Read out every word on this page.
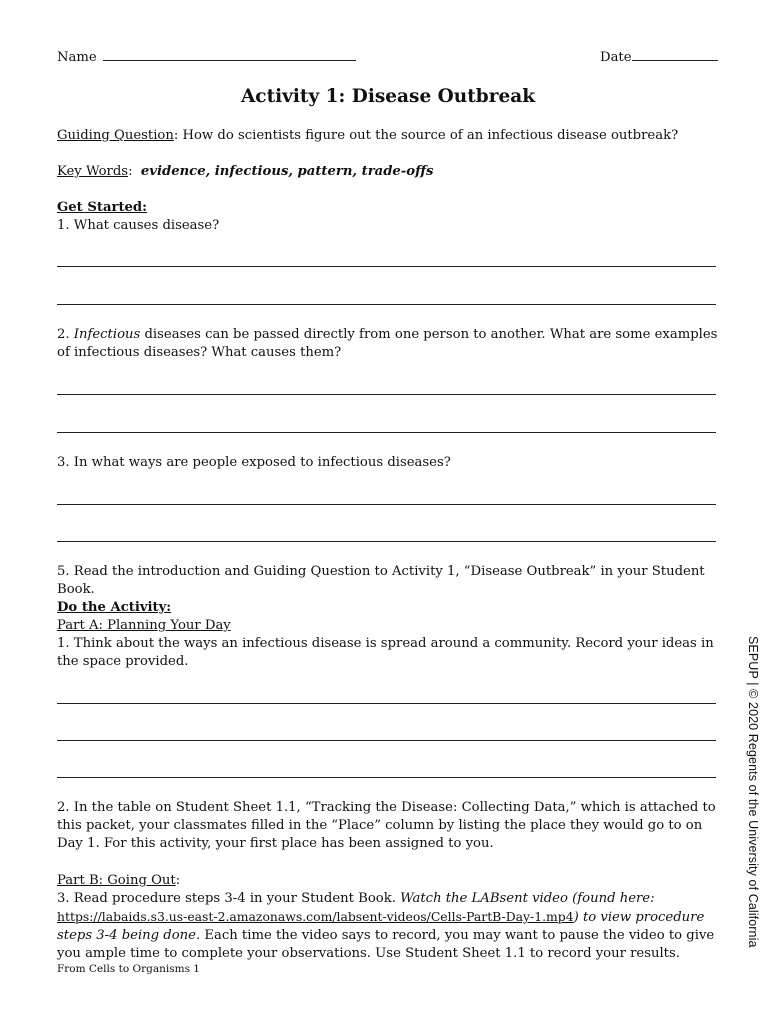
Name	Date
Activity 1: Disease Outbreak
Guiding Question: How do scientists figure out the source of an infectious disease outbreak?
Key Words: evidence, infectious, pattern, trade-offs
Get Started:
1. What causes disease?
2. Infectious diseases can be passed directly from one person to another. What are some examples of infectious diseases? What causes them?
3. In what ways are people exposed to infectious diseases?
5. Read the introduction and Guiding Question to Activity 1, “Disease Outbreak” in your Student Book.
Do the Activity:
Part A: Planning Your Day
1. Think about the ways an infectious disease is spread around a community. Record your ideas in the space provided.
2. In the table on Student Sheet 1.1, “Tracking the Disease: Collecting Data,” which is attached to this packet, your classmates filled in the “Place” column by listing the place they would go to on Day 1. For this activity, your first place has been assigned to you.
Part B: Going Out:
3. Read procedure steps 3-4 in your Student Book. Watch the LABsent video (found here: https://labaids.s3.us-east-2.amazonaws.com/labsent-videos/Cells-PartB-Day-1.mp4) to view procedure steps 3-4 being done. Each time the video says to record, you may want to pause the video to give you ample time to complete your observations. Use Student Sheet 1.1 to record your results.
From Cells to Organisms 1
SEPUP | © 2020 Regents of the University of California
